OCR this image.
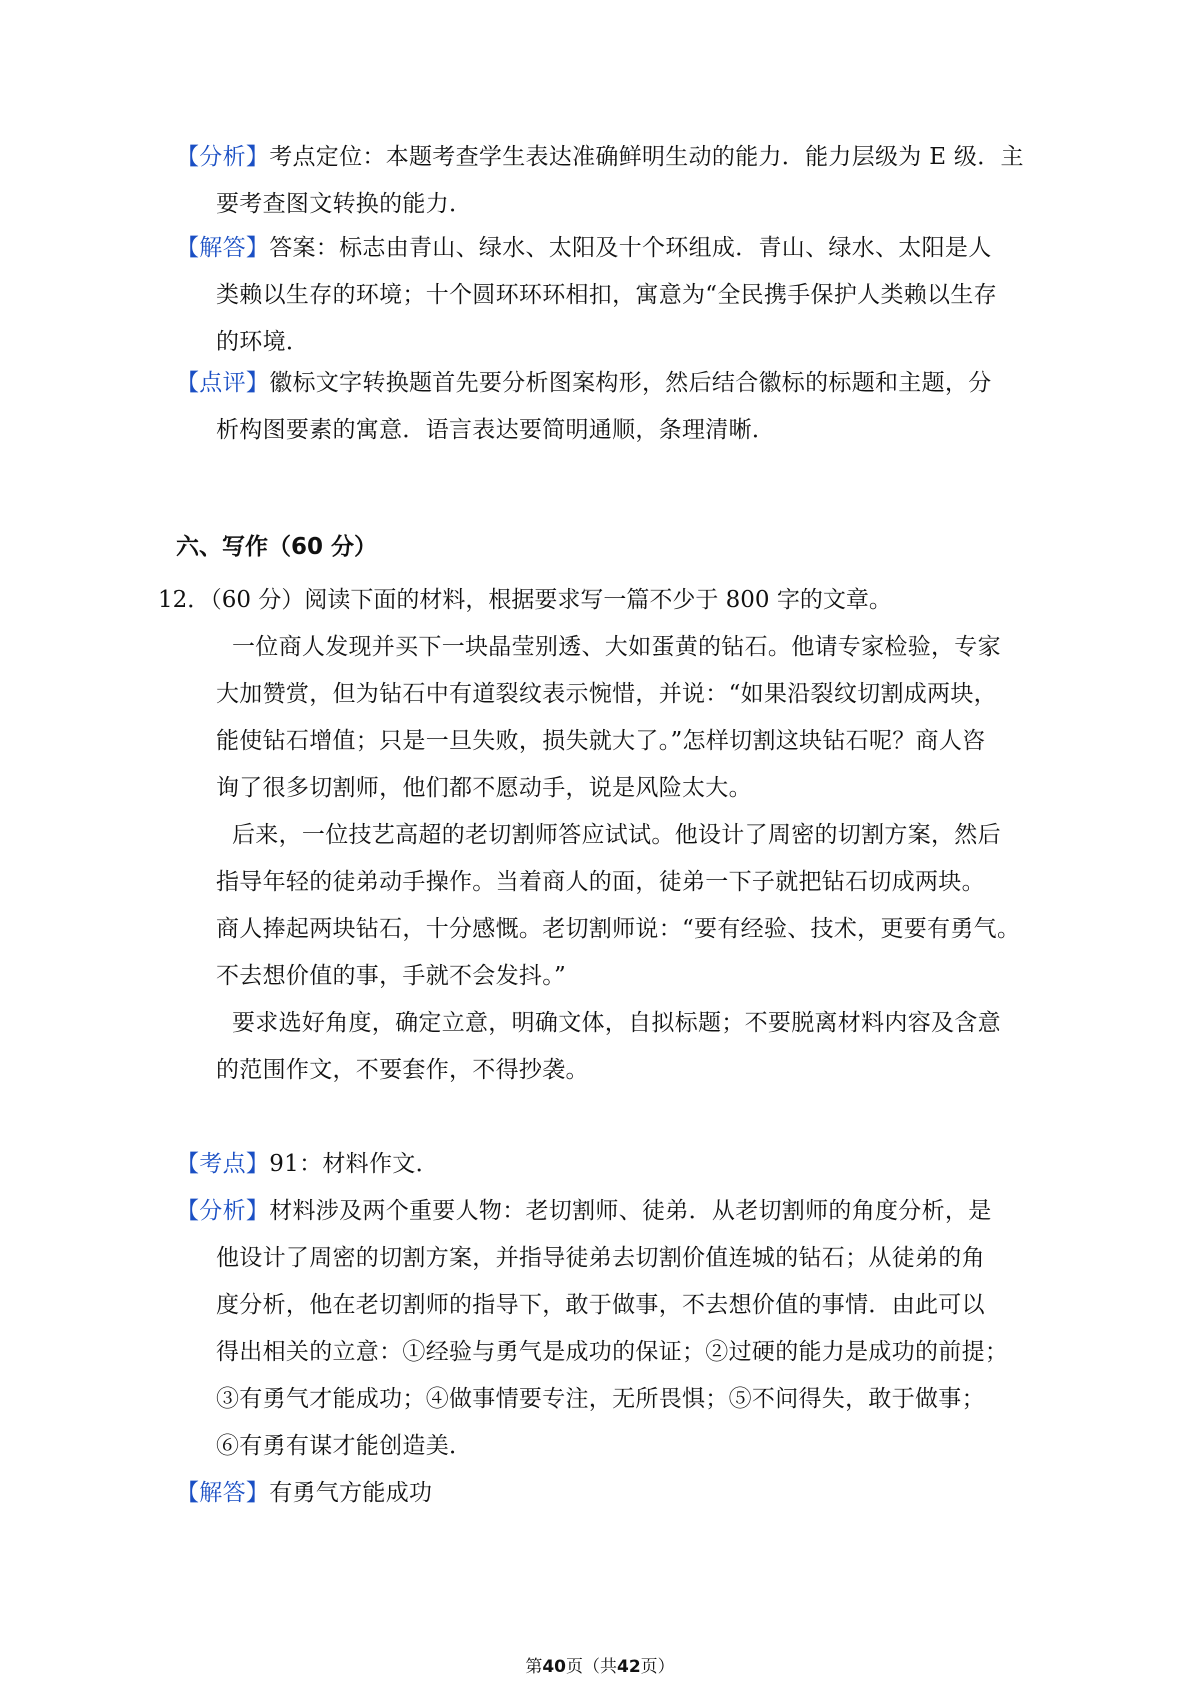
【分析】考点定位：本题考查学生表达准确鲜明生动的能力．能力层级为 E 级．主
要考查图文转换的能力．
【解答】答案：标志由青山、绿水、太阳及十个环组成．青山、绿水、太阳是人
类赖以生存的环境；十个圆环环环相扣，寓意为“全民携手保护人类赖以生存
的环境．
【点评】徽标文字转换题首先要分析图案构形，然后结合徽标的标题和主题，分
析构图要素的寓意．语言表达要简明通顺，条理清晰．
六、写作（60 分）
12．（60 分）阅读下面的材料，根据要求写一篇不少于 800 字的文章。
一位商人发现并买下一块晶莹别透、大如蛋黄的钻石。他请专家检验，专家
大加赞赏，但为钻石中有道裂纹表示惋惜，并说：“如果沿裂纹切割成两块，
能使钻石增值；只是一旦失败，损失就大了。”怎样切割这块钻石呢？商人咨
询了很多切割师，他们都不愿动手，说是风险太大。
后来，一位技艺高超的老切割师答应试试。他设计了周密的切割方案，然后
指导年轻的徒弟动手操作。当着商人的面，徒弟一下子就把钻石切成两块。
商人捧起两块钻石，十分感慨。老切割师说：“要有经验、技术，更要有勇气。
不去想价值的事，手就不会发抖。”
要求选好角度，确定立意，明确文体，自拟标题；不要脱离材料内容及含意
的范围作文，不要套作，不得抄袭。
【考点】91：材料作文．
【分析】材料涉及两个重要人物：老切割师、徒弟．从老切割师的角度分析，是
他设计了周密的切割方案，并指导徒弟去切割价值连城的钻石；从徒弟的角
度分析，他在老切割师的指导下，敢于做事，不去想价值的事情．由此可以
得出相关的立意：①经验与勇气是成功的保证；②过硬的能力是成功的前提；
③有勇气才能成功；④做事情要专注，无所畏惧；⑤不问得失，敢于做事；
⑥有勇有谋才能创造美．
【解答】有勇气方能成功
第40页（共42页）
